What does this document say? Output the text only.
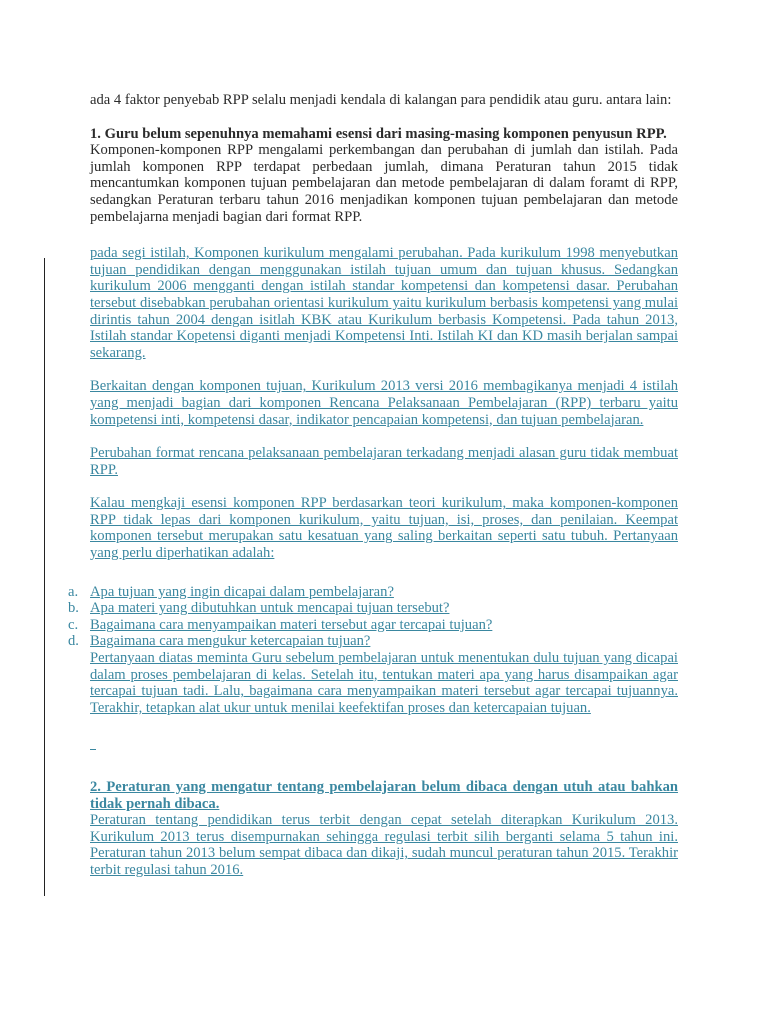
ada 4 faktor penyebab RPP selalu menjadi kendala di kalangan para pendidik atau guru. antara lain:

1. Guru belum sepenuhnya memahami esensi dari masing-masing komponen penyusun RPP.

Komponen-komponen RPP mengalami perkembangan dan perubahan di jumlah dan istilah. Pada jumlah komponen RPP terdapat perbedaan jumlah, dimana Peraturan tahun 2015 tidak mencantumkan komponen tujuan pembelajaran dan metode pembelajaran di dalam foramt di RPP, sedangkan Peraturan terbaru tahun 2016 menjadikan komponen tujuan pembelajaran dan metode pembelajarna menjadi bagian dari format RPP.

pada segi istilah, Komponen kurikulum mengalami perubahan. Pada kurikulum 1998 menyebutkan tujuan pendidikan dengan menggunakan istilah tujuan umum dan tujuan khusus. Sedangkan kurikulum 2006 mengganti dengan istilah standar kompetensi dan kompetensi dasar. Perubahan tersebut disebabkan perubahan orientasi kurikulum yaitu kurikulum berbasis kompetensi yang mulai dirintis tahun 2004 dengan isitlah KBK atau Kurikulum berbasis Kompetensi. Pada tahun 2013, Istilah standar Kopetensi diganti menjadi Kompetensi Inti. Istilah KI dan KD masih berjalan sampai sekarang.

Berkaitan dengan komponen tujuan, Kurikulum 2013 versi 2016 membagikanya menjadi 4 istilah yang menjadi bagian dari komponen Rencana Pelaksanaan Pembelajaran (RPP) terbaru yaitu kompetensi inti, kompetensi dasar, indikator pencapaian kompetensi, dan tujuan pembelajaran.

Perubahan format rencana pelaksanaan pembelajaran terkadang menjadi alasan guru tidak membuat RPP.

Kalau mengkaji esensi komponen RPP berdasarkan teori kurikulum, maka komponen-komponen RPP tidak lepas dari komponen kurikulum, yaitu tujuan, isi, proses, dan penilaian. Keempat komponen tersebut merupakan satu kesatuan yang saling berkaitan seperti satu tubuh. Pertanyaan yang perlu diperhatikan adalah:

a. Apa tujuan yang ingin dicapai dalam pembelajaran?
b. Apa materi yang dibutuhkan untuk mencapai tujuan tersebut?
c. Bagaimana cara menyampaikan materi tersebut agar tercapai tujuan?
d. Bagaimana cara mengukur ketercapaian tujuan?

Pertanyaan diatas meminta Guru sebelum pembelajaran untuk menentukan dulu tujuan yang dicapai dalam proses pembelajaran di kelas. Setelah itu, tentukan materi apa yang harus disampaikan agar tercapai tujuan tadi. Lalu, bagaimana cara menyampaikan materi tersebut agar tercapai tujuannya. Terakhir, tetapkan alat ukur untuk menilai keefektifan proses dan ketercapaian tujuan.

2. Peraturan yang mengatur tentang pembelajaran belum dibaca dengan utuh atau bahkan tidak pernah dibaca.

Peraturan tentang pendidikan terus terbit dengan cepat setelah diterapkan Kurikulum 2013. Kurikulum 2013 terus disempurnakan sehingga regulasi terbit silih berganti selama 5 tahun ini. Peraturan tahun 2013 belum sempat dibaca dan dikaji, sudah muncul peraturan tahun 2015. Terakhir terbit regulasi tahun 2016.
